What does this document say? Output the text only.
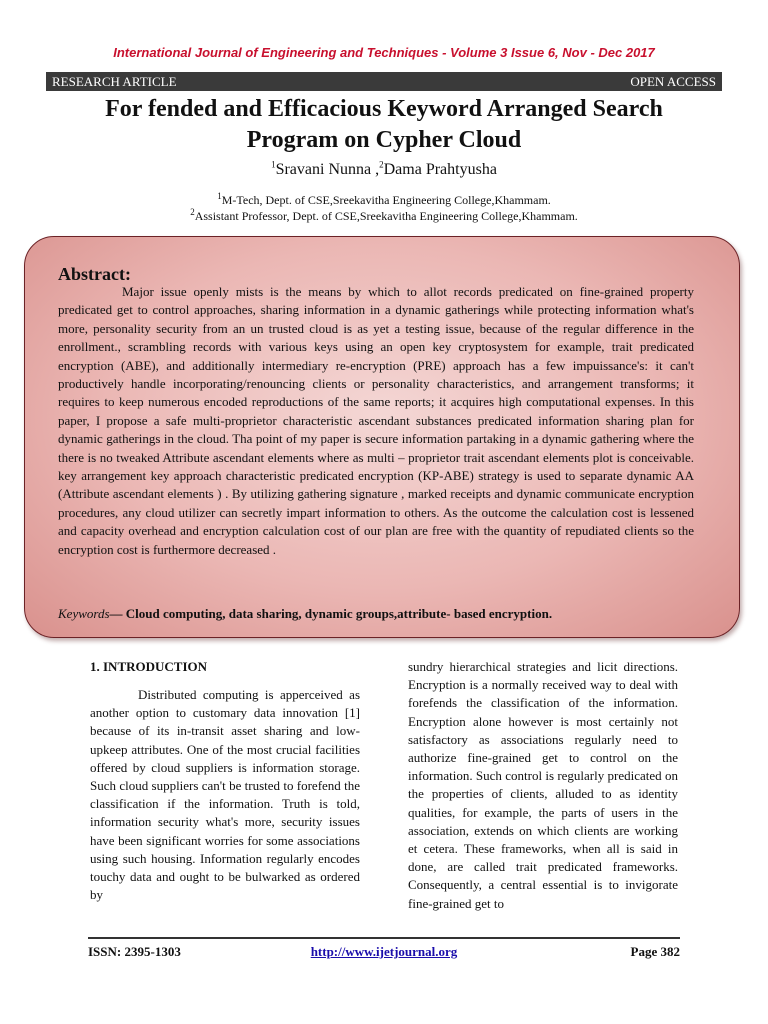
International Journal of Engineering and Techniques - Volume 3 Issue 6, Nov - Dec 2017
RESEARCH ARTICLE	OPEN ACCESS
For fended and Efficacious Keyword Arranged Search Program on Cypher Cloud
$^1$Sravani Nunna ,$^2$Dama Prahtyusha
$^1$M-Tech, Dept. of CSE,Sreekavitha Engineering College,Khammam.
$^2$Assistant Professor, Dept. of CSE,Sreekavitha Engineering College,Khammam.
Abstract:

Major issue openly mists is the means by which to allot records predicated on fine-grained property predicated get to control approaches, sharing information in a dynamic gatherings while protecting information what's more, personality security from an un trusted cloud is as yet a testing issue, because of the regular difference in the enrollment., scrambling records with various keys using an open key cryptosystem for example, trait predicated encryption (ABE), and additionally intermediary re-encryption (PRE) approach has a few impuissance's: it can't productively handle incorporating/renouncing clients or personality characteristics, and arrangement transforms; it requires to keep numerous encoded reproductions of the same reports; it acquires high computational expenses. In this paper, I propose a safe multi-proprietor characteristic ascendant substances predicated information sharing plan for dynamic gatherings in the cloud. Tha point of my paper is secure information partaking in a dynamic gathering where the there is no tweaked Attribute ascendant elements where as multi – proprietor trait ascendant elements plot is conceivable. key arrangement key approach characteristic predicated encryption (KP-ABE) strategy is used to separate dynamic AA (Attribute ascendant elements ) . By utilizing gathering signature , marked receipts and dynamic communicate encryption procedures, any cloud utilizer can secretly impart information to others. As the outcome the calculation cost is lessened and capacity overhead and encryption calculation cost of our plan are free with the quantity of repudiated clients so the encryption cost is furthermore decreased .

Keywords— Cloud computing, data sharing, dynamic groups,attribute- based encryption.
1. INTRODUCTION

Distributed computing is apperceived as another option to customary data innovation [1] because of its in-transit asset sharing and low-upkeep attributes. One of the most crucial facilities offered by cloud suppliers is information storage. Such cloud suppliers can't be trusted to forefend the classification if the information. Truth is told, information security what's more, security issues have been significant worries for some associations using such housing. Information regularly encodes touchy data and ought to be bulwarked as ordered by

sundry hierarchical strategies and licit directions. Encryption is a normally received way to deal with forefends the classification of the information. Encryption alone however is most certainly not satisfactory as associations regularly need to authorize fine-grained get to control on the information. Such control is regularly predicated on the properties of clients, alluded to as identity qualities, for example, the parts of users in the association, extends on which clients are working et cetera. These frameworks, when all is said in done, are called trait predicated frameworks. Consequently, a central essential is to invigorate fine-grained get to

ISSN: 2395-1303	http://www.ijetjournal.org	Page 382
